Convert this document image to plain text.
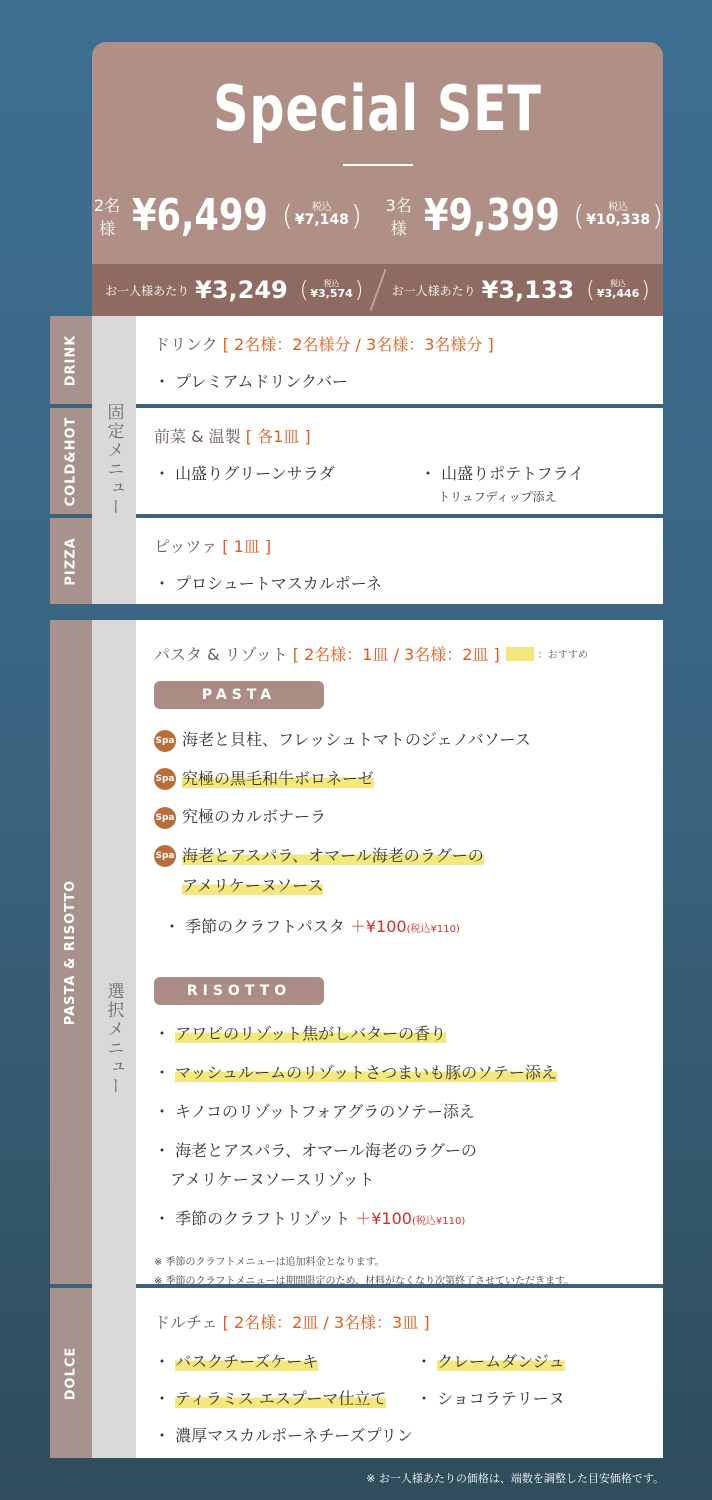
Special SET
2名様 ¥6,499 ( 税込
¥7,148 ) 3名様 ¥9,399 ( 税込
¥10,338 )
お一人様あたり ¥3,249 ( 税込
¥3,574 ) お一人様あたり ¥3,133 ( 税込
¥3,446 )
DRINK
COLD&HOT
PIZZA
固定メニュー
ドリンク [ 2名様：2名様分 / 3名様：3名様分 ]
・ プレミアムドリンクバー
前菜 & 温製 [ 各1皿 ]
・ 山盛りグリーンサラダ	・ 山盛りポテトフライ
トリュフディップ添え
ピッツァ [ 1皿 ]
・ プロシュートマスカルポーネ
PASTA & RISOTTO
DOLCE
選択メニュー
パスタ & リゾット
[ 2名様：1皿 / 3名様：2皿 ]	：おすすめ
PASTA
Spa 海老と貝柱、フレッシュトマトのジェノバソース
Spa 究極の黒毛和牛ボロネーゼ
Spa 究極のカルボナーラ
Spa 海老とアスパラ、オマール海老のラグーの
アメリケーヌソース
・ 季節のクラフトパスタ ＋¥100(税込¥110)
RISOTTO
・ アワビのリゾット焦がしバターの香り
・ マッシュルームのリゾットさつまいも豚のソテー添え
・ キノコのリゾットフォアグラのソテー添え
・ 海老とアスパラ、オマール海老のラグーの
アメリケーヌソースリゾット
・ 季節のクラフトリゾット ＋¥100(税込¥110)
※ 季節のクラフトメニューは追加料金となります。
※ 季節のクラフトメニューは期間限定のため、材料がなくなり次第終了させていただきます。
ドルチェ [ 2名様：2皿 / 3名様：3皿 ]
・ バスクチーズケーキ	・ クレームダンジュ
・ ティラミス エスプーマ仕立て	・ ショコラテリーヌ
・ 濃厚マスカルポーネチーズプリン
※ お一人様あたりの価格は、端数を調整した目安価格です。
